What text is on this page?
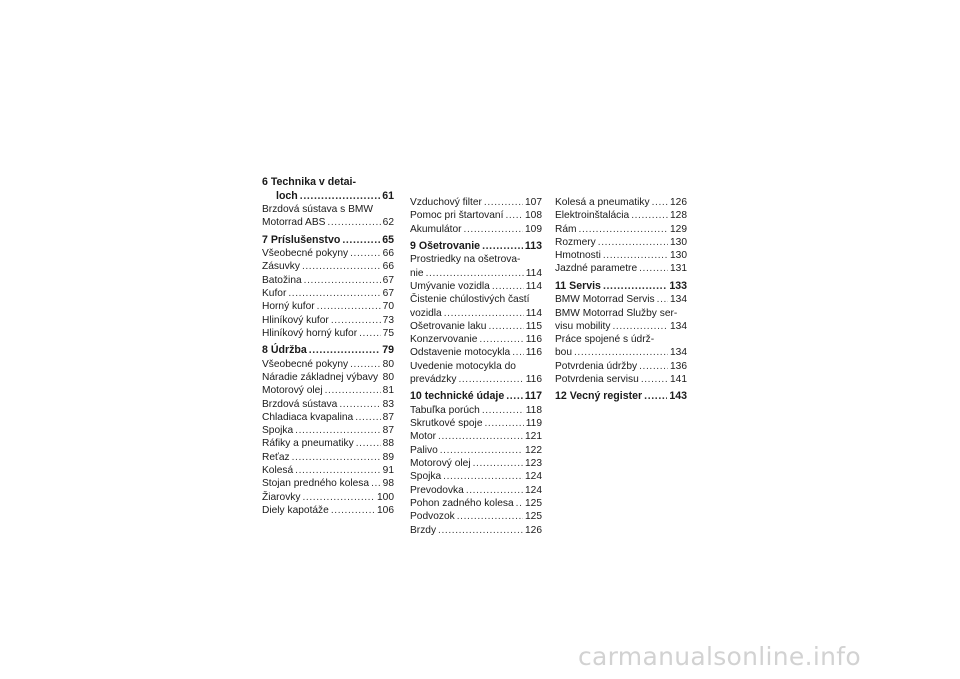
6 Technika v detai-
loch .....	61
Brzdová sústava s BMW
Motorrad ABS .....	62
7 Príslušenstvo .....	65
Všeobecné pokyny .....	66
Zásuvky .....	66
Batožina .....	67
Kufor .....	67
Horný kufor .....	70
Hliníkový kufor .....	73
Hliníkový horný kufor .....	75
8 Údržba .....	79
Všeobecné pokyny .....	80
Náradie základnej výbavy ..... 80
Motorový olej .....	81
Brzdová sústava .....	83
Chladiaca kvapalina .....	87
Spojka .....	87
Ráfiky a pneumatiky .....	88
Reťaz .....	89
Kolesá .....	91
Stojan predného kolesa ..... 98
Žiarovky .....	100
Diely kapotáže .....	106
Vzduchový filter .....	107
Pomoc pri štartovaní ..... 108
Akumulátor .....	109
9 Ošetrovanie .....	113
Prostriedky na ošetrova-
nie .....	114
Umývanie vozidla .....	114
Čistenie chúlostivých častí
vozidla .....	114
Ošetrovanie laku .....	115
Konzervovanie .....	116
Odstavenie motocykla ..... 116
Uvedenie motocykla do
prevádzky .....	116
10 technické údaje ..... 117
Tabuľka porúch .....	118
Skrutkové spoje .....	119
Motor .....	121
Palivo .....	122
Motorový olej .....	123
Spojka .....	124
Prevodovka .....	124
Pohon zadného kolesa ..... 125
Podvozok .....	125
Brzdy .....	126
Kolesá a pneumatiky ..... 126
Elektroinštalácia .....	128
Rám .....	129
Rozmery .....	130
Hmotnosti .....	130
Jazdné parametre .....	131
11 Servis .....	133
BMW Motorrad Servis ..... 134
BMW Motorrad Služby ser-
visu mobility .....	134
Práce spojené s údrž-
bou .....	134
Potvrdenia údržby .....	136
Potvrdenia servisu .....	141
12 Vecný register .....	143
carmanualsonline.info
